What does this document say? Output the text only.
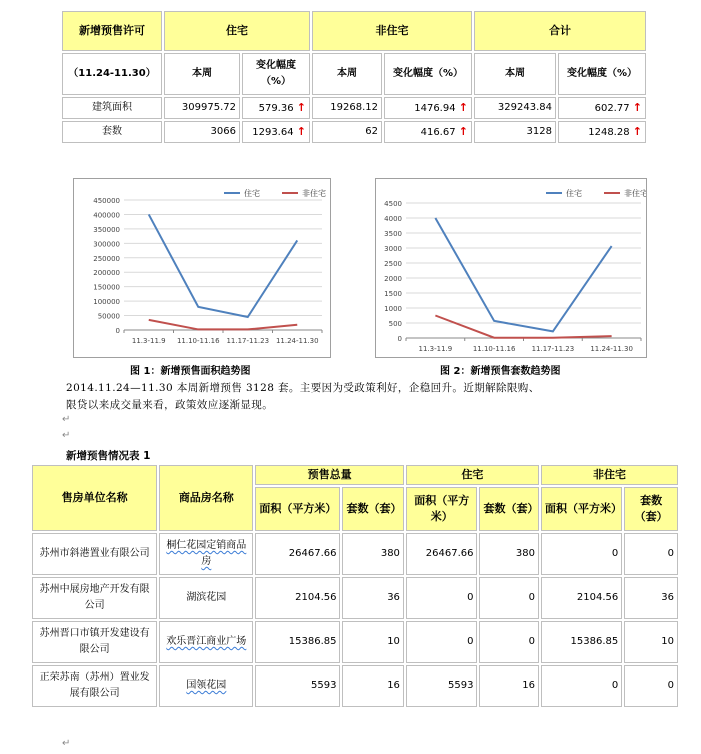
新增预售许可	住宅		非住宅		合计	
（11.24-11.30）	本周	变化幅度（%）	本周	变化幅度（%）	本周	变化幅度（%）
建筑面积	309975.72	579.36 ↑	19268.12	1476.94 ↑	329243.84	602.77 ↑
套数	3066	1293.64 ↑	62	416.67 ↑	3128	1248.28 ↑
0
50000
100000
150000
200000
250000
300000
350000
400000
450000
11.3-11.9 11.10-11.16 11.17-11.23 11.24-11.30
住宅	非住宅
0
500
1000
1500
2000
2500
3000
3500
4000
4500
11.3-11.9	11.10-11.16 11.17-11.23 11.24-11.30
住宅	非住宅
图 1：新增预售面积趋势图	图 2：新增预售套数趋势图
2014.11.24—11.30 本周新增预售 3128 套。主要因为受政策利好，企稳回升。近期解除限购、
限贷以来成交量来看，政策效应逐渐显现。
↵
↵
新增预售情况表 1
售房单位名称	商品房名称	预售总量		住宅		非住宅	
		面积（平方米）	套数（套）	面积（平方米）	套数（套）	面积（平方米）	套数（套）
苏州市斜港置业有限公司	桐仁花园定销商品房	26467.66	380	26467.66	380	0	0
苏州中展房地产开发有限公司	湖滨花园	2104.56	36	0	0	2104.56	36
苏州晋口市镇开发建设有限公司	欢乐晋江商业广场	15386.85	10	0	0	15386.85	10
正荣苏南（苏州）置业发展有限公司	国领花园	5593	16	5593	16	0	0
↵
